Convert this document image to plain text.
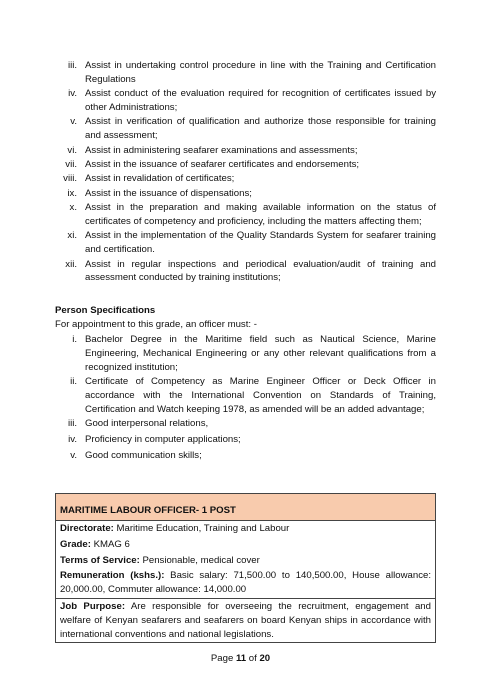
iii. Assist in undertaking control procedure in line with the Training and Certification Regulations
iv. Assist conduct of the evaluation required for recognition of certificates issued by other Administrations;
v. Assist in verification of qualification and authorize those responsible for training and assessment;
vi. Assist in administering seafarer examinations and assessments;
vii. Assist in the issuance of seafarer certificates and endorsements;
viii. Assist in revalidation of certificates;
ix. Assist in the issuance of dispensations;
x. Assist in the preparation and making available information on the status of certificates of competency and proficiency, including the matters affecting them;
xi. Assist in the implementation of the Quality Standards System for seafarer training and certification.
xii. Assist in regular inspections and periodical evaluation/audit of training and assessment conducted by training institutions;
Person Specifications
For appointment to this grade, an officer must: -
i. Bachelor Degree in the Maritime field such as Nautical Science, Marine Engineering, Mechanical Engineering or any other relevant qualifications from a recognized institution;
ii. Certificate of Competency as Marine Engineer Officer or Deck Officer in accordance with the International Convention on Standards of Training, Certification and Watch keeping 1978, as amended will be an added advantage;
iii. Good interpersonal relations,
iv. Proficiency in computer applications;
v. Good communication skills;
MARITIME LABOUR OFFICER- 1 POST
Directorate: Maritime Education, Training and Labour
Grade: KMAG 6
Terms of Service: Pensionable, medical cover
Remuneration (kshs.): Basic salary: 71,500.00 to 140,500.00, House allowance: 20,000.00, Commuter allowance: 14,000.00
Job Purpose: Are responsible for overseeing the recruitment, engagement and welfare of Kenyan seafarers and seafarers on board Kenyan ships in accordance with international conventions and national legislations.
Page 11 of 20
